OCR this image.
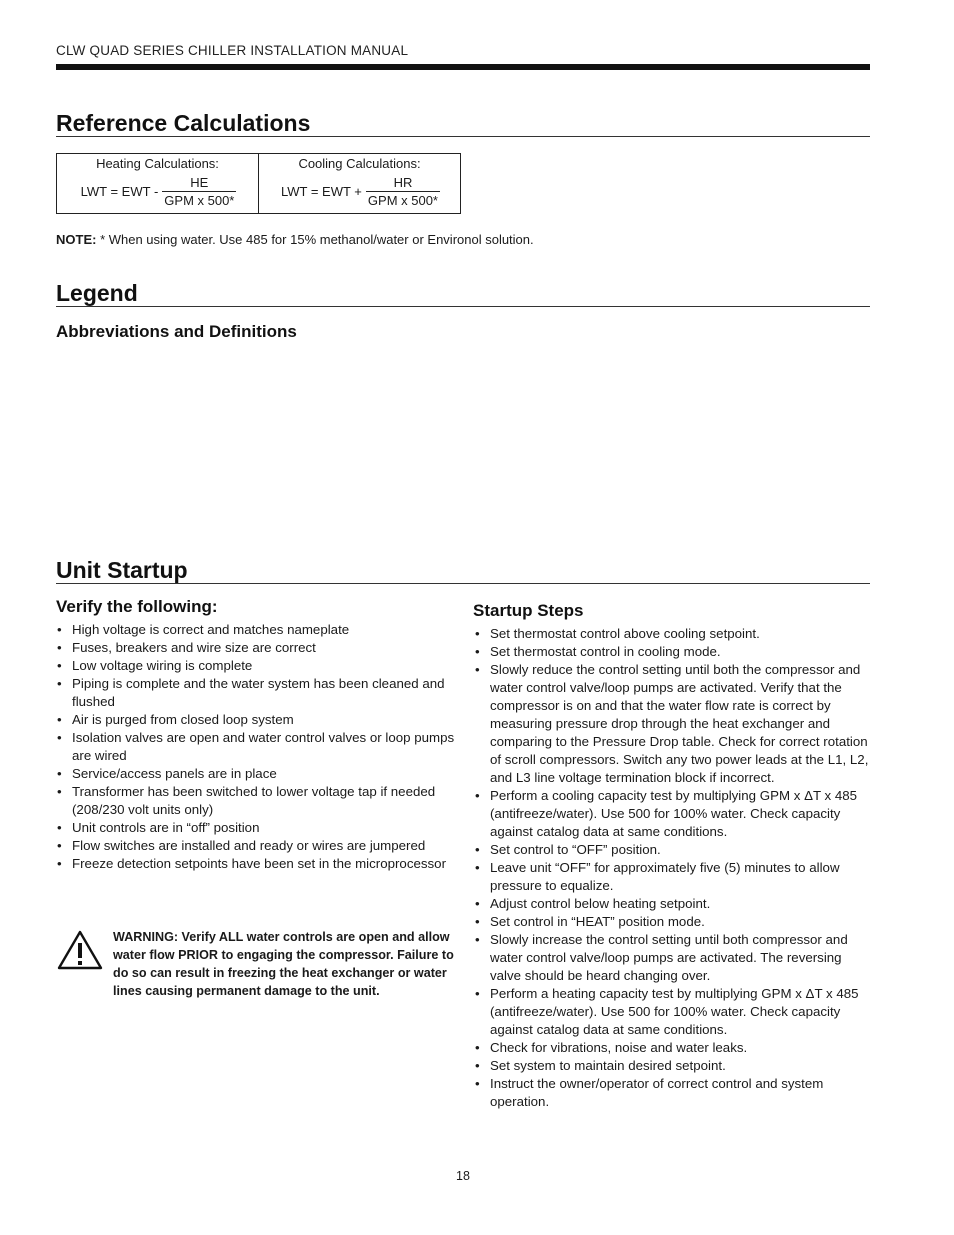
CLW QUAD SERIES CHILLER INSTALLATION MANUAL
Reference Calculations
Heating Calculations:
LWT = EWT - $\frac{HE}{\text{GPM x 500*}}$

Cooling Calculations:
LWT = EWT + $\frac{HR}{\text{GPM x 500*}}$
NOTE: * When using water. Use 485 for 15% methanol/water or Environol solution.
Legend
Abbreviations and Definitions
Unit Startup
Verify the following:
• High voltage is correct and matches nameplate
• Fuses, breakers and wire size are correct
• Low voltage wiring is complete
• Piping is complete and the water system has been cleaned and flushed
• Air is purged from closed loop system
• Isolation valves are open and water control valves or loop pumps are wired
• Service/access panels are in place
• Transformer has been switched to lower voltage tap if needed (208/230 volt units only)
• Unit controls are in “off” position
• Flow switches are installed and ready or wires are jumpered
• Freeze detection setpoints have been set in the microprocessor
WARNING: Verify ALL water controls are open and allow water flow PRIOR to engaging the compressor. Failure to do so can result in freezing the heat exchanger or water lines causing permanent damage to the unit.
Startup Steps
• Set thermostat control above cooling setpoint.
• Set thermostat control in cooling mode.
• Slowly reduce the control setting until both the compressor and water control valve/loop pumps are activated. Verify that the compressor is on and that the water flow rate is correct by measuring pressure drop through the heat exchanger and comparing to the Pressure Drop table. Check for correct rotation of scroll compressors. Switch any two power leads at the L1, L2, and L3 line voltage termination block if incorrect.
• Perform a cooling capacity test by multiplying GPM x ΔT x 485 (antifreeze/water). Use 500 for 100% water. Check capacity against catalog data at same conditions.
• Set control to “OFF” position.
• Leave unit “OFF” for approximately five (5) minutes to allow pressure to equalize.
• Adjust control below heating setpoint.
• Set control in “HEAT” position mode.
• Slowly increase the control setting until both compressor and water control valve/loop pumps are activated. The reversing valve should be heard changing over.
• Perform a heating capacity test by multiplying GPM x ΔT x 485 (antifreeze/water). Use 500 for 100% water. Check capacity against catalog data at same conditions.
• Check for vibrations, noise and water leaks.
• Set system to maintain desired setpoint.
• Instruct the owner/operator of correct control and system operation.
18
